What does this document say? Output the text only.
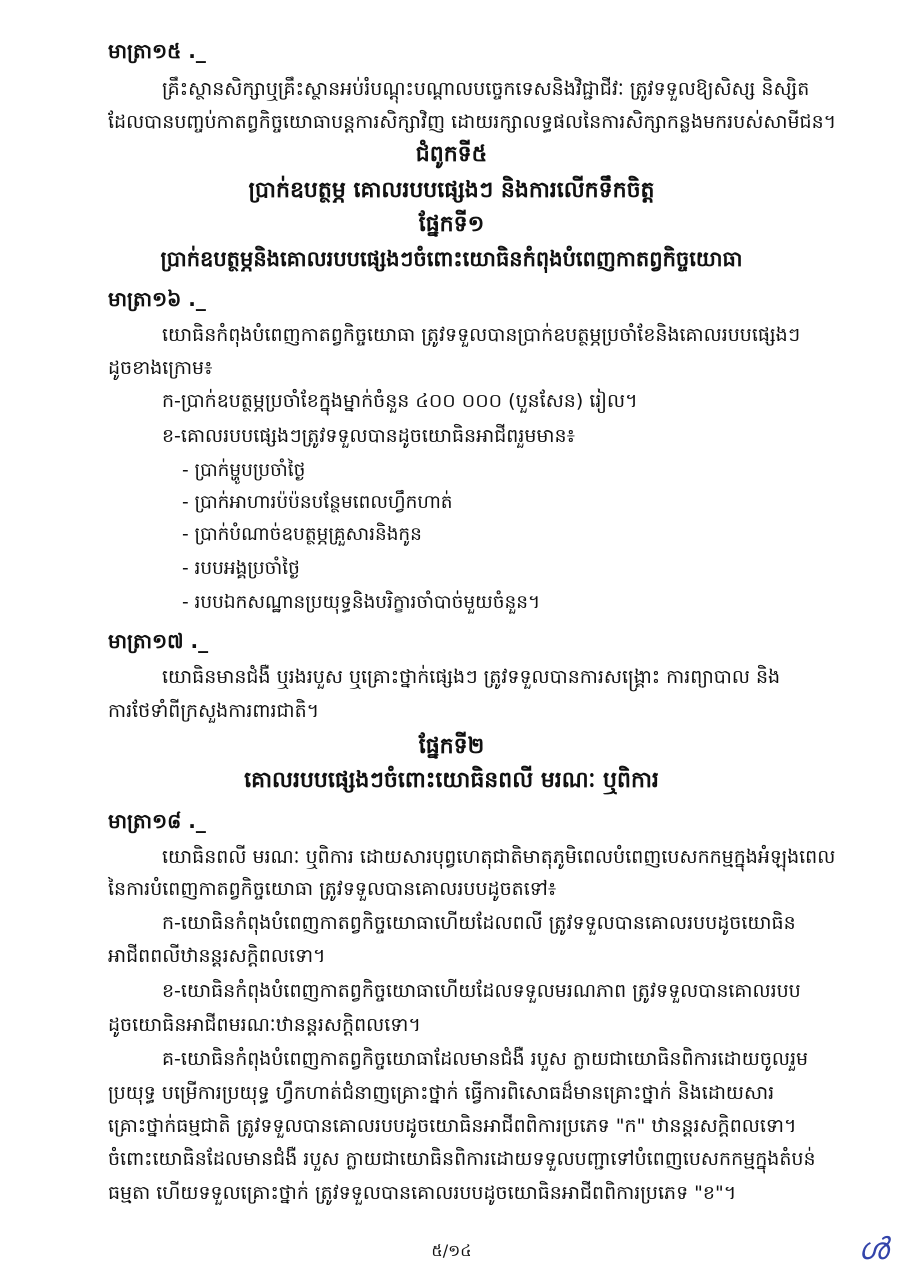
មាត្រា១៥ ._

គ្រឹះស្ថានសិក្សាឬគ្រឹះស្ថានអប់រំបណ្ដុះបណ្ដាលបច្ចេកទេសនិងវិជ្ជាជីវៈ ត្រូវទទួលឱ្យសិស្ស និស្សិត

ដែលបានបញ្ចប់កាតព្វកិច្ចយោធាបន្តការសិក្សាវិញ ដោយរក្សាលទ្ធផលនៃការសិក្សាកន្លងមករបស់សាមីជន។

ជំពូកទី៥

ប្រាក់ឧបត្ថម្ភ គោលរបបផ្សេងៗ និងការលើកទឹកចិត្ត

ផ្នែកទី១

ប្រាក់ឧបត្ថម្ភនិងគោលរបបផ្សេងៗចំពោះយោធិនកំពុងបំពេញកាតព្វកិច្ចយោធា

មាត្រា១៦ ._

យោធិនកំពុងបំពេញកាតព្វកិច្ចយោធា ត្រូវទទួលបានប្រាក់ឧបត្ថម្ភប្រចាំខែនិងគោលរបបផ្សេងៗ

ដូចខាងក្រោម៖

ក-ប្រាក់ឧបត្ថម្ភប្រចាំខែក្នុងម្នាក់ចំនួន ៤០០ ០០០ (បួនសែន) រៀល។

ខ-គោលរបបផ្សេងៗត្រូវទទួលបានដូចយោធិនអាជីពរួមមាន៖

- ប្រាក់ម្ហូបប្រចាំថ្ងៃ

- ប្រាក់អាហារប៉ប៉នបន្ថែមពេលហ្វឹកហាត់

- ប្រាក់បំណាច់ឧបត្ថម្ភគ្រួសារនិងកូន

- របបអង្គប្រចាំថ្ងៃ

- របបឯកសណ្ឋានប្រយុទ្ធនិងបរិក្ខារចាំបាច់មួយចំនួន។

មាត្រា១៧ ._

យោធិនមានជំងឺ ឬរងរបួស ឬគ្រោះថ្នាក់ផ្សេងៗ ត្រូវទទួលបានការសង្គ្រោះ ការព្យាបាល និង

ការថែទាំពីក្រសួងការពារជាតិ។

ផ្នែកទី២

គោលរបបផ្សេងៗចំពោះយោធិនពលី មរណៈ ឬពិការ

មាត្រា១៨ ._

យោធិនពលី មរណៈ ឬពិការ ដោយសារបុព្វហេតុជាតិមាតុភូមិពេលបំពេញបេសកកម្មក្នុងអំឡុងពេល

នៃការបំពេញកាតព្វកិច្ចយោធា ត្រូវទទួលបានគោលរបបដូចតទៅ៖

ក-យោធិនកំពុងបំពេញកាតព្វកិច្ចយោធាហើយដែលពលី ត្រូវទទួលបានគោលរបបដូចយោធិន

អាជីពពលីឋានន្តរសក្តិពលទោ។

ខ-យោធិនកំពុងបំពេញកាតព្វកិច្ចយោធាហើយដែលទទួលមរណភាព ត្រូវទទួលបានគោលរបប

ដូចយោធិនអាជីពមរណៈឋានន្តរសក្តិពលទោ។

គ-យោធិនកំពុងបំពេញកាតព្វកិច្ចយោធាដែលមានជំងឺ របួស ក្លាយជាយោធិនពិការដោយចូលរួម

ប្រយុទ្ធ បម្រើការប្រយុទ្ធ ហ្វឹកហាត់ជំនាញគ្រោះថ្នាក់ ធ្វើការពិសោធដ៏មានគ្រោះថ្នាក់ និងដោយសារ

គ្រោះថ្នាក់ធម្មជាតិ ត្រូវទទួលបានគោលរបបដូចយោធិនអាជីពពិការប្រភេទ "ក" ឋានន្តរសក្តិពលទោ។

ចំពោះយោធិនដែលមានជំងឺ របួស ក្លាយជាយោធិនពិការដោយទទួលបញ្ជាទៅបំពេញបេសកកម្មក្នុងតំបន់

ធម្មតា ហើយទទួលគ្រោះថ្នាក់ ត្រូវទទួលបានគោលរបបដូចយោធិនអាជីពពិការប្រភេទ "ខ"។

៥/១៤	ൾ
